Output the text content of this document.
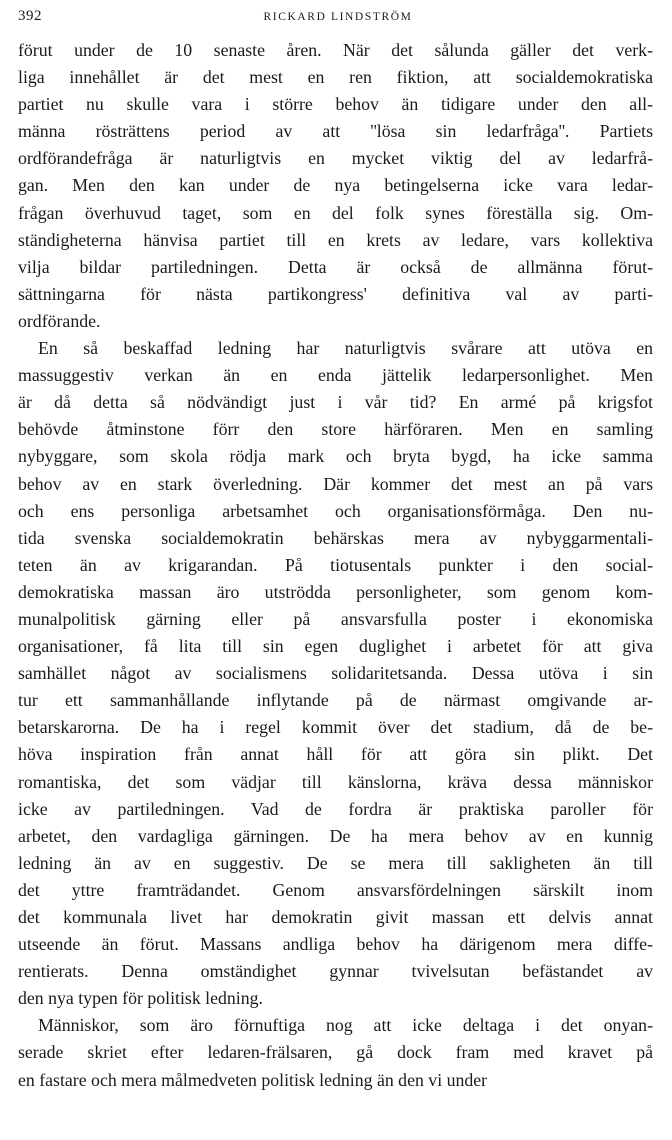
392	RICKARD LINDSTRÖM
förut under de 10 senaste åren. När det sålunda gäller det verk-
liga innehållet är det mest en ren fiktion, att socialdemokratiska
partiet nu skulle vara i större behov än tidigare under den all-
männa rösträttens period av att ''lösa sin ledarfråga''. Partiets
ordförandefråga är naturligtvis en mycket viktig del av ledarfrå-
gan. Men den kan under de nya betingelserna icke vara ledar-
frågan överhuvud taget, som en del folk synes föreställa sig. Om-
ständigheterna hänvisa partiet till en krets av ledare, vars kollektiva
vilja bildar partiledningen. Detta är också de allmänna förut-
sättningarna för nästa partikongress' definitiva val av parti-
ordförande.
En så beskaffad ledning har naturligtvis svårare att utöva en
massuggestiv verkan än en enda jättelik ledarpersonlighet. Men
är då detta så nödvändigt just i vår tid? En armé på krigsfot
behövde åtminstone förr den store härföraren. Men en samling
nybyggare, som skola rödja mark och bryta bygd, ha icke samma
behov av en stark överledning. Där kommer det mest an på vars
och ens personliga arbetsamhet och organisationsförmåga. Den nu-
tida svenska socialdemokratin behärskas mera av nybyggarmentali-
teten än av krigarandan. På tiotusentals punkter i den social-
demokratiska massan äro utströdda personligheter, som genom kom-
munalpolitisk gärning eller på ansvarsfulla poster i ekonomiska
organisationer, få lita till sin egen duglighet i arbetet för att giva
samhället något av socialismens solidaritetsanda. Dessa utöva i sin
tur ett sammanhållande inflytande på de närmast omgivande ar-
betarskarorna. De ha i regel kommit över det stadium, då de be-
höva inspiration från annat håll för att göra sin plikt. Det
romantiska, det som vädjar till känslorna, kräva dessa människor
icke av partiledningen. Vad de fordra är praktiska paroller för
arbetet, den vardagliga gärningen. De ha mera behov av en kunnig
ledning än av en suggestiv. De se mera till sakligheten än till
det yttre framträdandet. Genom ansvarsfördelningen särskilt inom
det kommunala livet har demokratin givit massan ett delvis annat
utseende än förut. Massans andliga behov ha därigenom mera diffe-
rentierats. Denna omständighet gynnar tvivelsutan befästandet av
den nya typen för politisk ledning.
Människor, som äro förnuftiga nog att icke deltaga i det onyan-
serade skriet efter ledaren-frälsaren, gå dock fram med kravet på
en fastare och mera målmedveten politisk ledning än den vi under
